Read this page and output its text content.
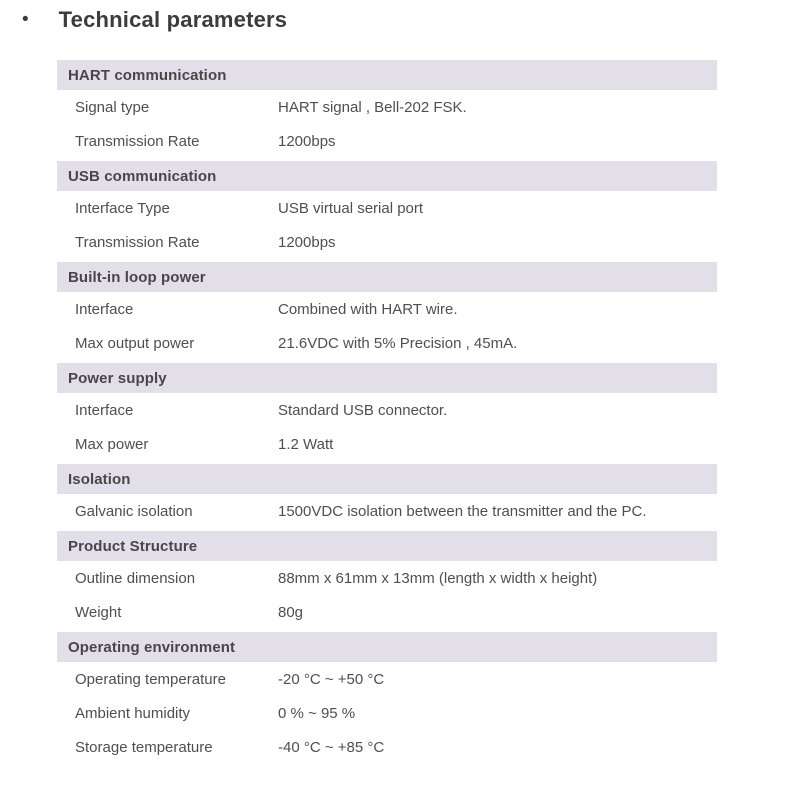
• Technical parameters
HART communication
Signal type	HART signal , Bell-202 FSK.
Transmission Rate	1200bps
USB communication
Interface Type	USB virtual serial port
Transmission Rate	1200bps
Built-in loop power
Interface	Combined with HART wire.
Max output power	21.6VDC with 5% Precision , 45mA.
Power supply
Interface	Standard USB connector.
Max power	1.2 Watt
Isolation
Galvanic isolation	1500VDC isolation between the transmitter and the PC.
Product Structure
Outline dimension	88mm x 61mm x 13mm (length x width x height)
Weight	80g
Operating environment
Operating temperature	-20 °C ~ +50 °C
Ambient humidity	0 % ~ 95 %
Storage temperature	-40 °C ~ +85 °C
